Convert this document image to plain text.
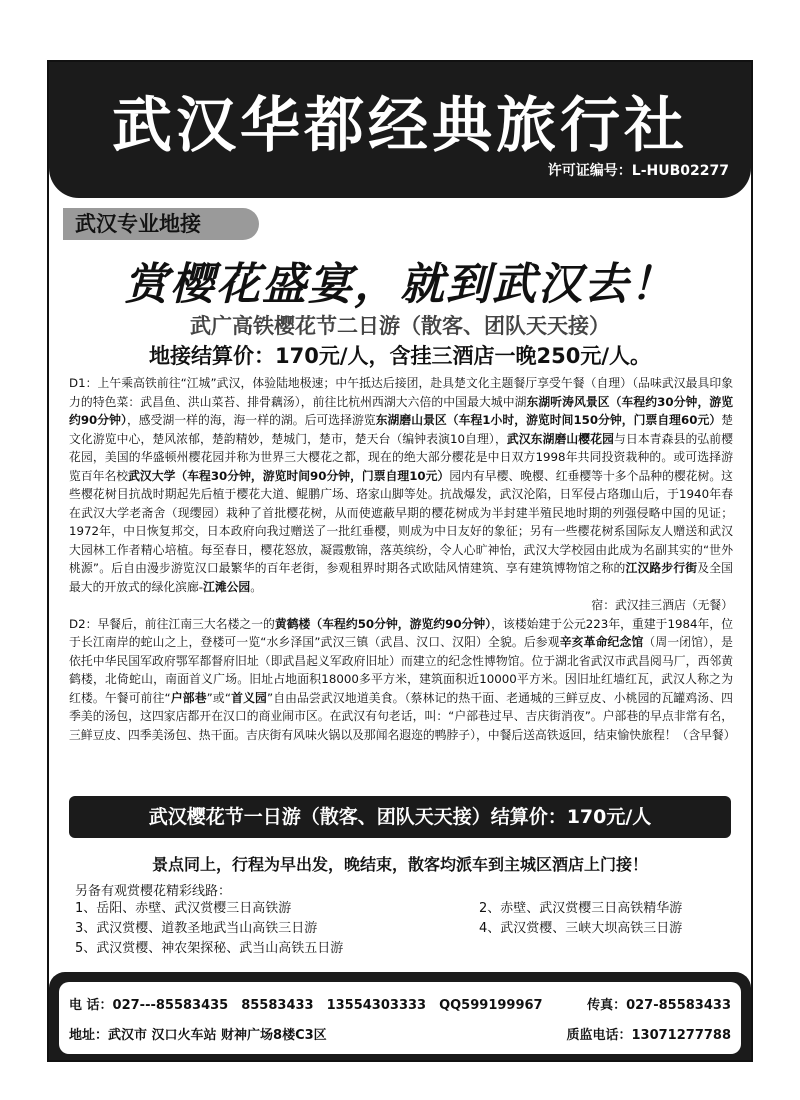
武汉华都经典旅行社
许可证编号：L-HUB02277
武汉专业地接
赏樱花盛宴，就到武汉去！
武广高铁樱花节二日游（散客、团队天天接）
地接结算价：170元/人，含挂三酒店一晚250元/人。

D1：上午乘高铁前往“江城”武汉，体验陆地极速；中午抵达后接团，赴具楚文化主题餐厅享受午餐（自理）（品味武汉最具印象力的特色菜：武昌鱼、洪山菜苔、排骨藕汤），前往比杭州西湖大六倍的中国最大城中湖东湖听涛风景区（车程约30分钟，游览约90分钟），感受湖一样的海，海一样的湖。后可选择游览东湖磨山景区（车程1小时，游览时间150分钟，门票自理60元）楚文化游览中心，楚风浓郁，楚韵精妙，楚城门，楚市，楚天台（编钟表演10自理），武汉东湖磨山樱花园与日本青森县的弘前樱花园，美国的华盛顿州樱花园并称为世界三大樱花之都，现在的绝大部分樱花是中日双方1998年共同投资栽种的。或可选择游览百年名校武汉大学（车程30分钟，游览时间90分钟，门票自理10元）园内有早樱、晚樱、红垂樱等十多个品种的樱花树。这些樱花树目抗战时期起先后植于樱花大道、鲲鹏广场、珞家山脚等处。抗战爆发，武汉沦陷，日军侵占珞珈山后，于1940年春在武汉大学老斋舍（现缨园）栽种了首批樱花树，从而使遮蔽早期的樱花树成为半封建半殖民地时期的列强侵略中国的见证；1972年，中日恢复邦交，日本政府向我过赠送了一批红垂樱，则成为中日友好的象征；另有一些樱花树系国际友人赠送和武汉大园林工作者精心培植。每至春日，樱花怒放，凝霞敷锦，落英缤纷，令人心旷神怡，武汉大学校园由此成为名副其实的“世外桃源”。后自由漫步游览汉口最繁华的百年老街，参观租界时期各式欧陆风情建筑、享有建筑博物馆之称的江汉路步行街及全国最大的开放式的绿化滨廊-江滩公园。
宿：武汉挂三酒店（无餐）

D2：早餐后，前往江南三大名楼之一的黄鹤楼（车程约50分钟，游览约90分钟），该楼始建于公元223年，重建于1984年，位于长江南岸的蛇山之上，登楼可一览“水乡泽国”武汉三镇（武昌、汉口、汉阳）全貌。后参观辛亥革命纪念馆（周一闭馆），是依托中华民国军政府鄂军都督府旧址（即武昌起义军政府旧址）而建立的纪念性博物馆。位于湖北省武汉市武昌阅马厂，西邻黄鹤楼，北倚蛇山，南面首义广场。旧址占地面积18000多平方米，建筑面积近10000平方米。因旧址红墙红瓦，武汉人称之为红楼。午餐可前往“户部巷”或“首义园”自由品尝武汉地道美食。（蔡林记的热干面、老通城的三鲜豆皮、小桃园的瓦罐鸡汤、四季美的汤包，这四家店都开在汉口的商业闹市区。在武汉有句老话，叫：“户部巷过早、吉庆街消夜”。户部巷的早点非常有名，三鲜豆皮、四季美汤包、热干面。吉庆街有风味火锅以及那闻名遐迩的鸭脖子），中餐后送高铁返回，结束愉快旅程！（含早餐）

武汉樱花节一日游（散客、团队天天接）结算价：170元/人
景点同上，行程为早出发，晚结束，散客均派车到主城区酒店上门接！
另备有观赏樱花精彩线路：
1、岳阳、赤壁、武汉赏樱三日高铁游	2、赤壁、武汉赏樱三日高铁精华游
3、武汉赏樱、道教圣地武当山高铁三日游	4、武汉赏樱、三峡大坝高铁三日游
5、武汉赏樱、神农架探秘、武当山高铁五日游
电 话：027---85583435　85583433　13554303333　QQ599199967	传真：027-85583433
地址：武汉市 汉口火车站 财神广场8楼C3区	质监电话：13071277788
